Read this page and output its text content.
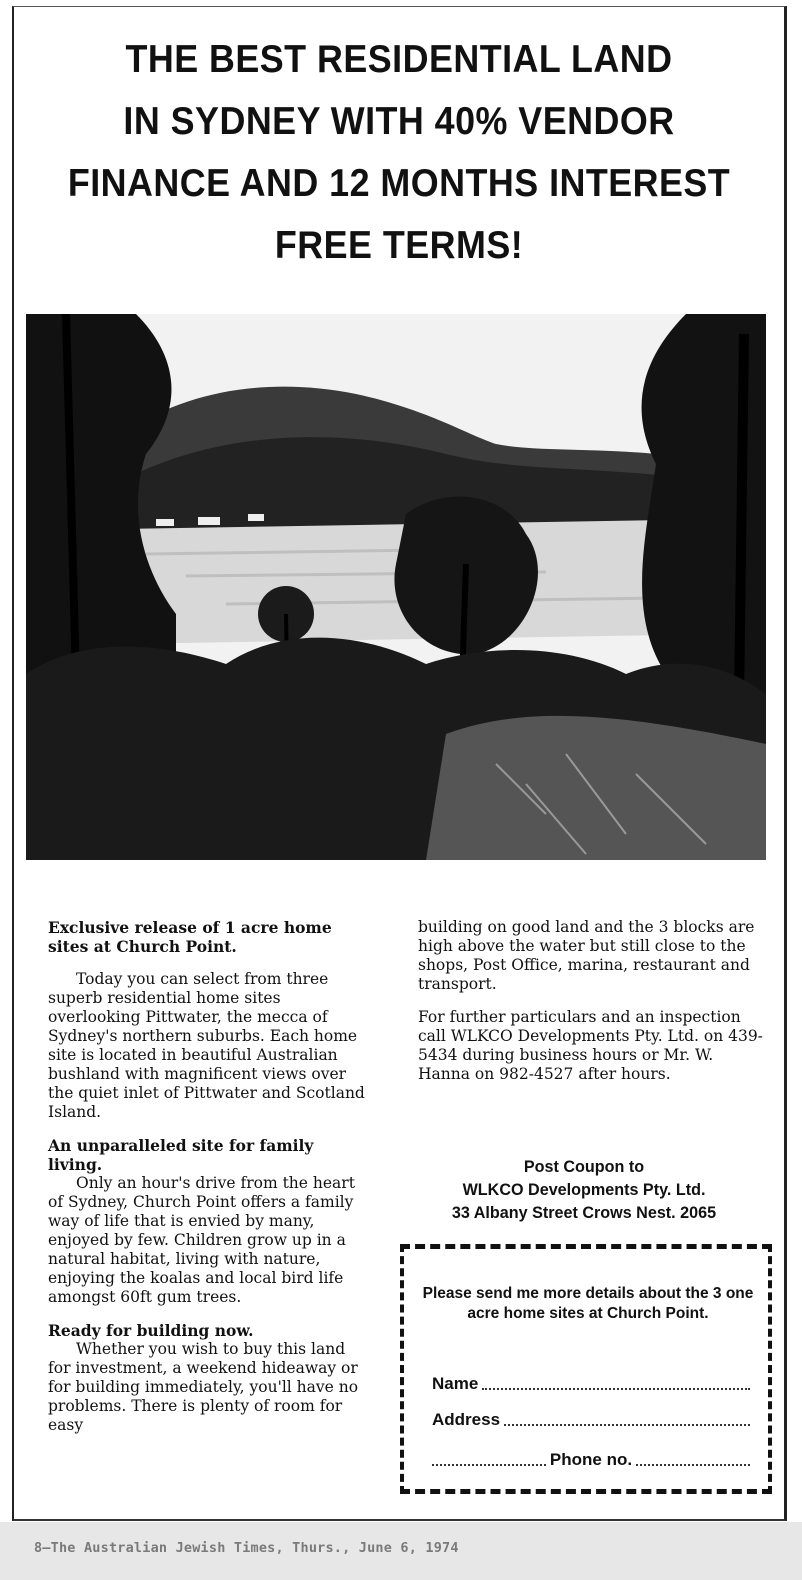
THE BEST RESIDENTIAL LAND
IN SYDNEY WITH 40% VENDOR
FINANCE AND 12 MONTHS INTEREST
FREE TERMS!

Exclusive release of 1 acre home sites at Church Point.

Today you can select from three superb residential home sites overlooking Pittwater, the mecca of Sydney's northern suburbs. Each home site is located in beautiful Australian bushland with magnificent views over the quiet inlet of Pittwater and Scotland Island.

An unparalleled site for family living.

Only an hour's drive from the heart of Sydney, Church Point offers a family way of life that is envied by many, enjoyed by few. Children grow up in a natural habitat, living with nature, enjoying the koalas and local bird life amongst 60ft gum trees.

Ready for building now.

Whether you wish to buy this land for investment, a weekend hideaway or for building immediately, you'll have no problems. There is plenty of room for easy

building on good land and the 3 blocks are high above the water but still close to the shops, Post Office, marina, restaurant and transport.

For further particulars and an inspection call WLKCO Developments Pty. Ltd. on 439-5434 during business hours or Mr. W. Hanna on 982-4527 after hours.

Post Coupon to
WLKCO Developments Pty. Ltd.
33 Albany Street Crows Nest. 2065
Please send me more details about the 3 one acre home sites at Church Point.
Name
Address
Phone no.
8—The Australian Jewish Times, Thurs., June 6, 1974
